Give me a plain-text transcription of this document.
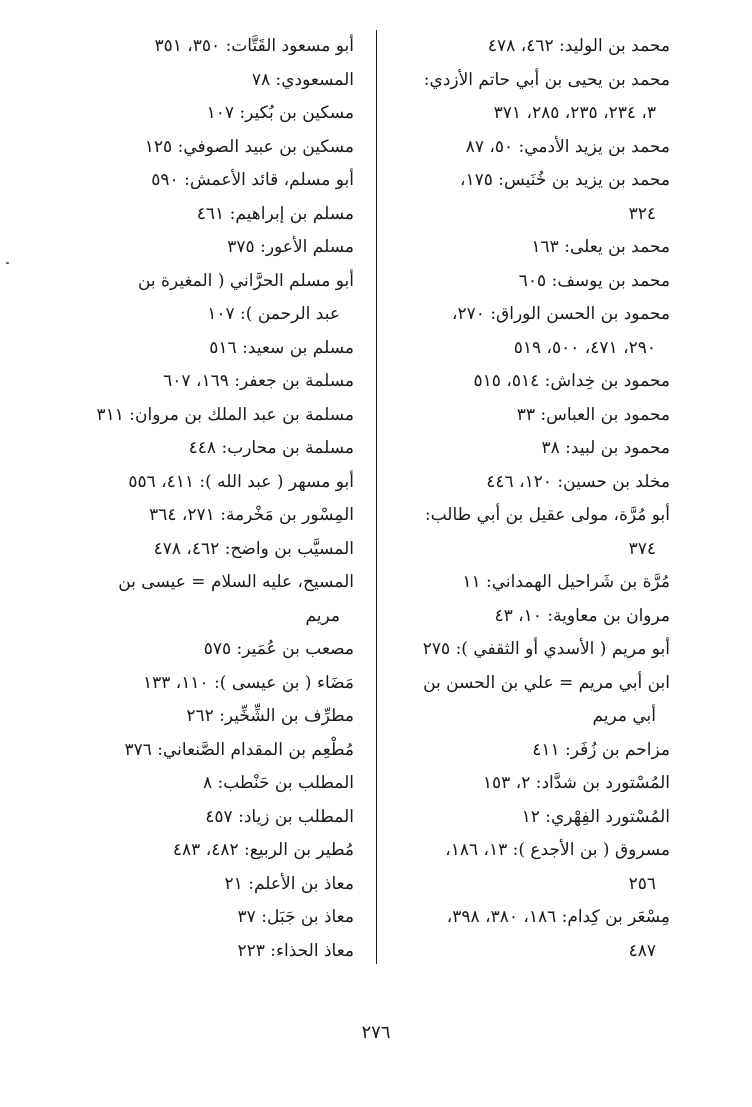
محمد بن الوليد: ٤٦٢، ٤٧٨
محمد بن يحيى بن أبي حاتم الأزدي:
٣، ٢٣٤، ٢٣٥، ٢٨٥، ٣٧١
محمد بن يزيد الأدمي: ٥٠، ٨٧
محمد بن يزيد بن خُنَيس: ١٧٥،
٣٢٤
محمد بن يعلى: ١٦٣
محمد بن يوسف: ٦٠٥
محمود بن الحسن الوراق: ٢٧٠،
٢٩٠، ٤٧١، ٥٠٠، ٥١٩
محمود بن خِداش: ٥١٤، ٥١٥
محمود بن العباس: ٣٣
محمود بن لبيد: ٣٨
مخلد بن حسين: ١٢٠، ٤٤٦
أبو مُرَّة، مولى عقيل بن أبي طالب:
٣٧٤
مُرَّة بن شَراحيل الهمداني: ١١
مروان بن معاوية: ١٠، ٤٣
أبو مريم ( الأسدي أو الثقفي ): ٢٧٥
ابن أبي مريم = علي بن الحسن بن
أبي مريم
مزاحم بن زُفَر: ٤١١
المُسْتورد بن شدَّاد: ٢، ١٥٣
المُسْتورد الفِهْري: ١٢
مسروق ( بن الأجدع ): ١٣، ١٨٦،
٢٥٦
مِسْعَر بن كِدام: ١٨٦، ٣٨٠، ٣٩٨،
٤٨٧
أبو مسعود القَتَّات: ٣٥٠، ٣٥١
المسعودي: ٧٨
مسكين بن بُكير: ١٠٧
مسكين بن عبيد الصوفي: ١٢٥
أبو مسلم، قائد الأعمش: ٥٩٠
مسلم بن إبراهيم: ٤٦١
مسلم الأعور: ٣٧٥
أبو مسلم الحرَّاني ( المغيرة بن
عبد الرحمن ): ١٠٧
مسلم بن سعيد: ٥١٦
مسلمة بن جعفر: ١٦٩، ٦٠٧
مسلمة بن عبد الملك بن مروان: ٣١١
مسلمة بن محارب: ٤٤٨
أبو مسهر ( عبد الله ): ٤١١، ٥٥٦
المِسْور بن مَخْرمة: ٢٧١، ٣٦٤
المسيَّب بن واضح: ٤٦٢، ٤٧٨
المسيح، عليه السلام = عيسى بن
مريم
مصعب بن عُمَير: ٥٧٥
مَضَاء ( بن عيسى ): ١١٠، ١٣٣
مطرِّف بن الشِّخِّير: ٢٦٢
مُطْعِم بن المقدام الصَّنعاني: ٣٧٦
المطلب بن حَنْطب: ٨
المطلب بن زياد: ٤٥٧
مُطير بن الربيع: ٤٨٢، ٤٨٣
معاذ بن الأعلم: ٢١
معاذ بن جَبَل: ٣٧
معاذ الحذاء: ٢٢٣
٢٧٦
